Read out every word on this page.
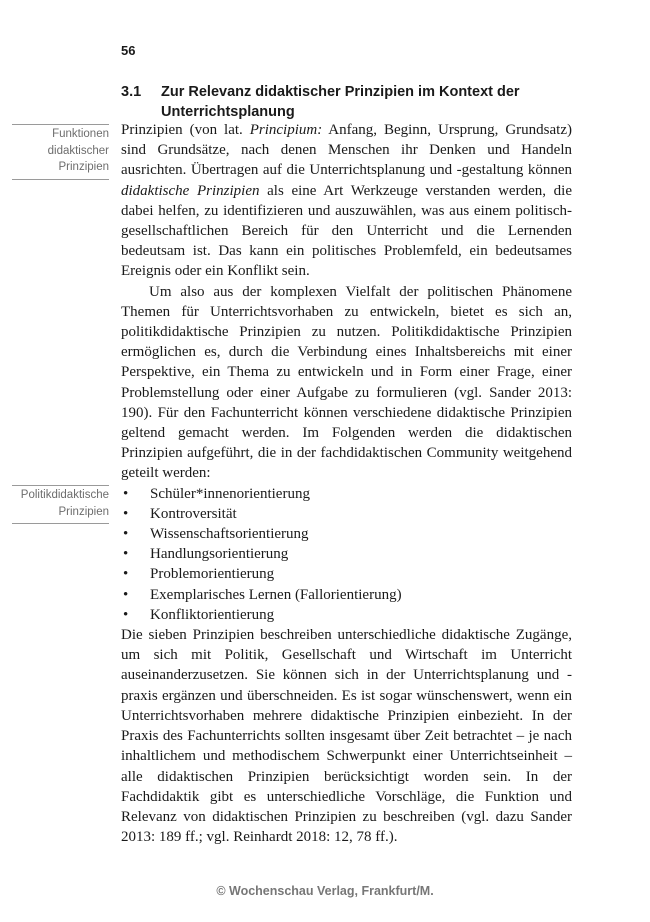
56
3.1 Zur Relevanz didaktischer Prinzipien im Kontext der Unterrichtsplanung
Funktionen
didaktischer
Prinzipien
Politikdidaktische
Prinzipien

Prinzipien (von lat. Principium: Anfang, Beginn, Ursprung, Grundsatz) sind Grundsätze, nach denen Menschen ihr Denken und Handeln ausrichten. Übertragen auf die Unterrichtsplanung und -gestaltung können didaktische Prinzipien als eine Art Werkzeuge verstanden werden, die dabei helfen, zu identifizieren und auszuwählen, was aus einem politisch-gesellschaftlichen Bereich für den Unterricht und die Lernenden bedeutsam ist. Das kann ein politisches Problemfeld, ein bedeutsames Ereignis oder ein Konflikt sein.

Um also aus der komplexen Vielfalt der politischen Phänomene Themen für Unterrichtsvorhaben zu entwickeln, bietet es sich an, politikdidaktische Prinzipien zu nutzen. Politikdidaktische Prinzipien ermöglichen es, durch die Verbindung eines Inhaltsbereichs mit einer Perspektive, ein Thema zu entwickeln und in Form einer Frage, einer Problemstellung oder einer Aufgabe zu formulieren (vgl. Sander 2013: 190). Für den Fachunterricht können verschiedene didaktische Prinzipien geltend gemacht werden. Im Folgenden werden die didaktischen Prinzipien aufgeführt, die in der fachdidaktischen Community weitgehend geteilt werden:

• Schüler*innenorientierung
• Kontroversität
• Wissenschaftsorientierung
• Handlungsorientierung
• Problemorientierung
• Exemplarisches Lernen (Fallorientierung)
• Konfliktorientierung

Die sieben Prinzipien beschreiben unterschiedliche didaktische Zugänge, um sich mit Politik, Gesellschaft und Wirtschaft im Unterricht auseinanderzusetzen. Sie können sich in der Unterrichtsplanung und -praxis ergänzen und überschneiden. Es ist sogar wünschenswert, wenn ein Unterrichtsvorhaben mehrere didaktische Prinzipien einbezieht. In der Praxis des Fachunterrichts sollten insgesamt über Zeit betrachtet – je nach inhaltlichem und methodischem Schwerpunkt einer Unterrichtseinheit – alle didaktischen Prinzipien berücksichtigt worden sein. In der Fachdidaktik gibt es unterschiedliche Vorschläge, die Funktion und Relevanz von didaktischen Prinzipien zu beschreiben (vgl. dazu Sander 2013: 189 ff.; vgl. Reinhardt 2018: 12, 78 ff.).

© Wochenschau Verlag, Frankfurt/M.
